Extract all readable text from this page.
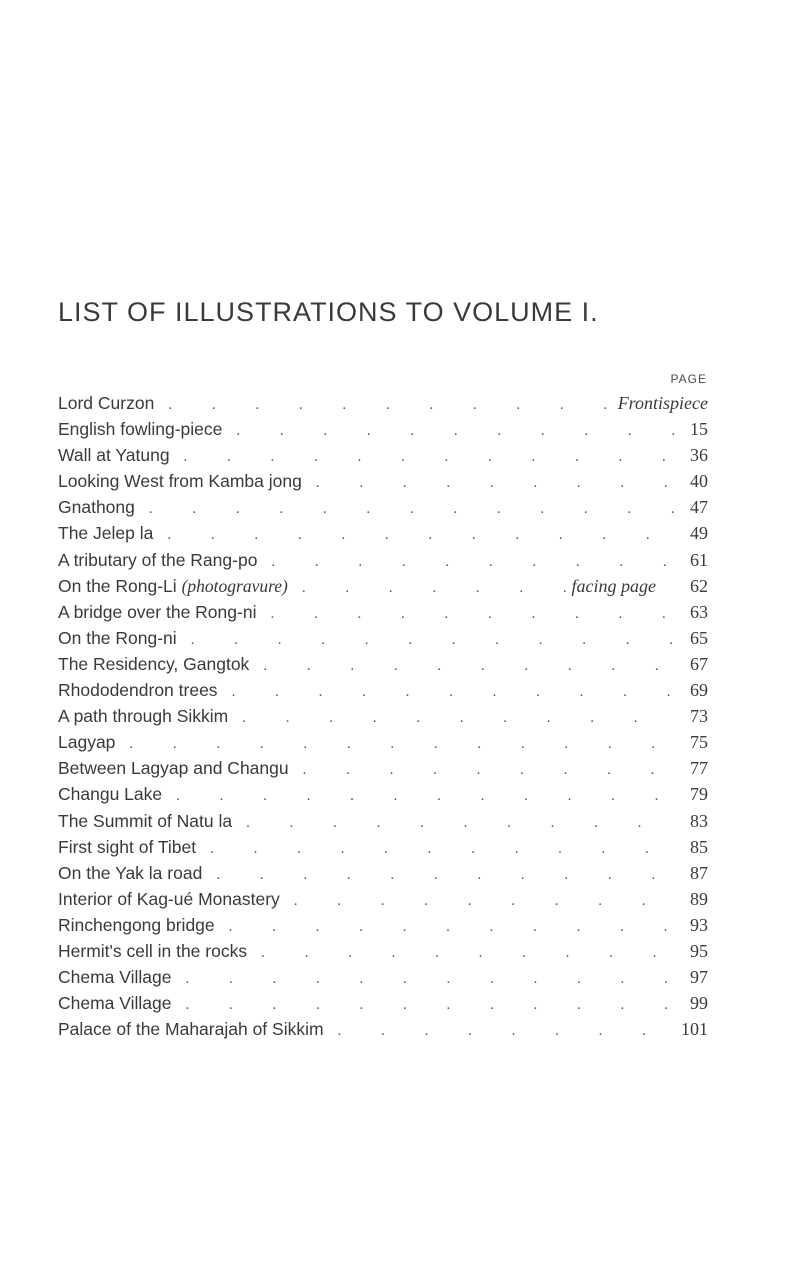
LIST OF ILLUSTRATIONS TO VOLUME I.
PAGE
Lord Curzon . . .	Frontispiece
English fowling-piece . . .	15
Wall at Yatung . . .	36
Looking West from Kamba jong . . .	40
Gnathong . . .	47
The Jelep la . . .	49
A tributary of the Rang-po . . .	61
On the Rong-Li (photogravure) . . .	facing page	62
A bridge over the Rong-ni . . .	63
On the Rong-ni . . .	65
The Residency, Gangtok . . .	67
Rhododendron trees . . .	69
A path through Sikkim . . .	73
Lagyap . . .	75
Between Lagyap and Changu . . .	77
Changu Lake . . .	79
The Summit of Natu la . . .	83
First sight of Tibet . . .	85
On the Yak la road . . .	87
Interior of Kag-ué Monastery . . .	89
Rinchengong bridge . . .	93
Hermit's cell in the rocks . . .	95
Chema Village . . .	97
Chema Village . . .	99
Palace of the Maharajah of Sikkim . . .	101
